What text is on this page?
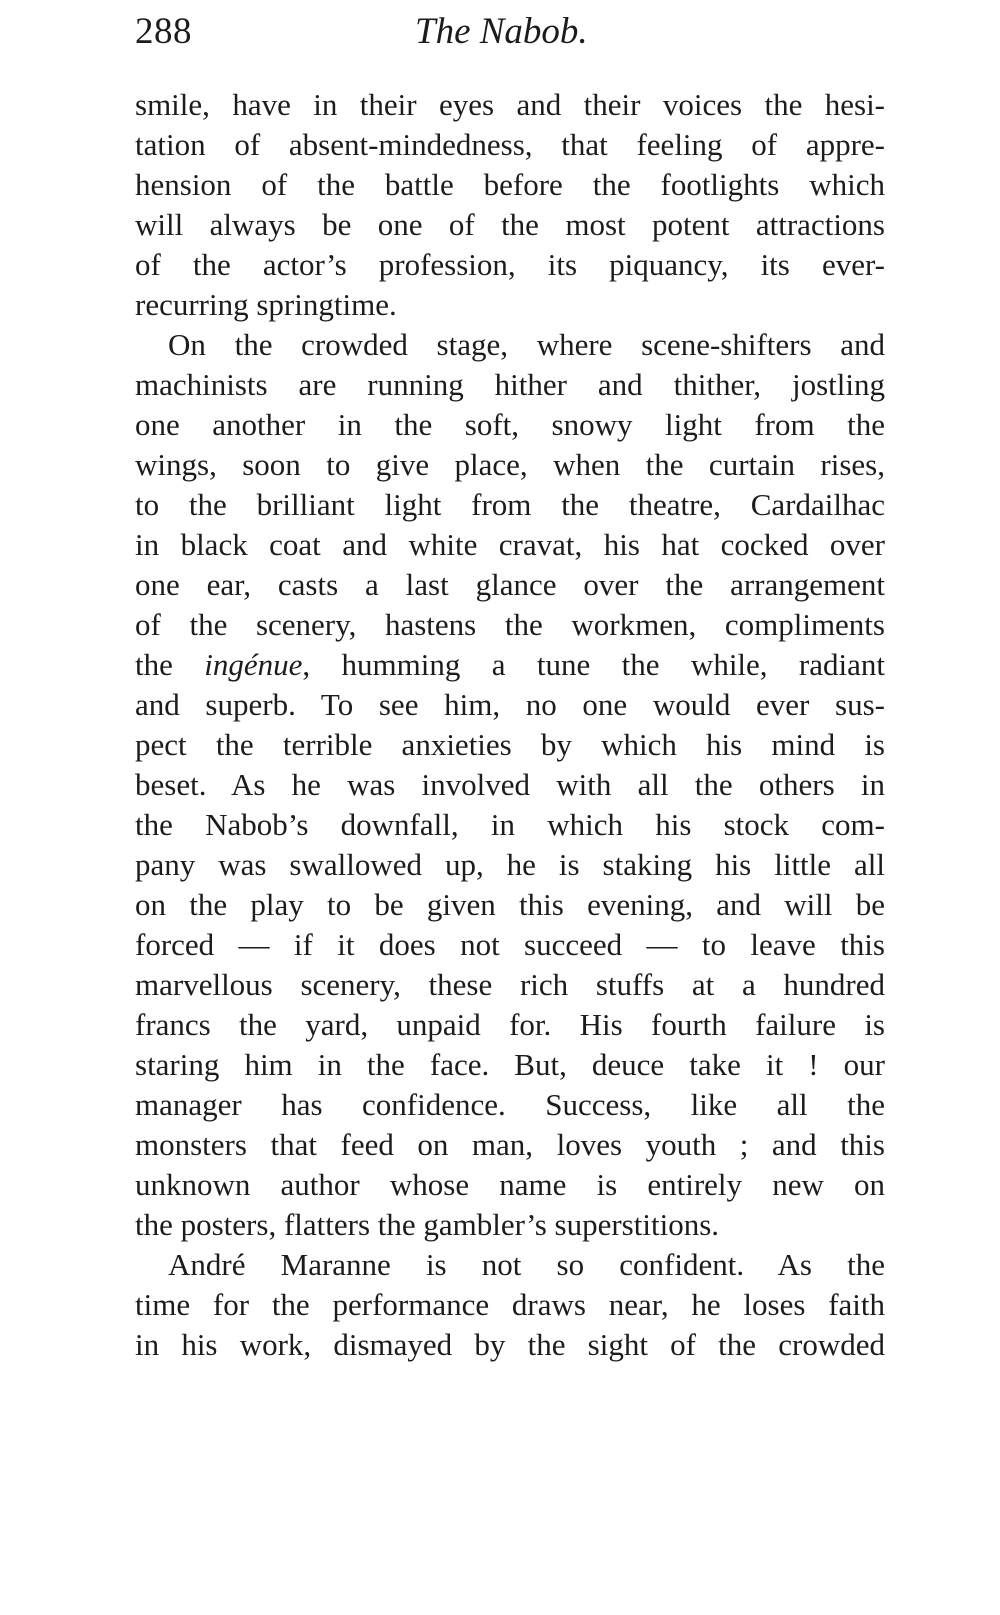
288	The Nabob.
smile, have in their eyes and their voices the hesi-
tation of absent-mindedness, that feeling of appre-
hension of the battle before the footlights which
will always be one of the most potent attractions
of the actor’s profession, its piquancy, its ever-
recurring springtime.
On the crowded stage, where scene-shifters and
machinists are running hither and thither, jostling
one another in the soft, snowy light from the
wings, soon to give place, when the curtain rises,
to the brilliant light from the theatre, Cardailhac
in black coat and white cravat, his hat cocked over
one ear, casts a last glance over the arrangement
of the scenery, hastens the workmen, compliments
the ingénue, humming a tune the while, radiant
and superb. To see him, no one would ever sus-
pect the terrible anxieties by which his mind is
beset. As he was involved with all the others in
the Nabob’s downfall, in which his stock com-
pany was swallowed up, he is staking his little all
on the play to be given this evening, and will be
forced — if it does not succeed — to leave this
marvellous scenery, these rich stuffs at a hundred
francs the yard, unpaid for. His fourth failure is
staring him in the face. But, deuce take it ! our
manager has confidence. Success, like all the
monsters that feed on man, loves youth ; and this
unknown author whose name is entirely new on
the posters, flatters the gambler’s superstitions.
André Maranne is not so confident. As the
time for the performance draws near, he loses faith
in his work, dismayed by the sight of the crowded
